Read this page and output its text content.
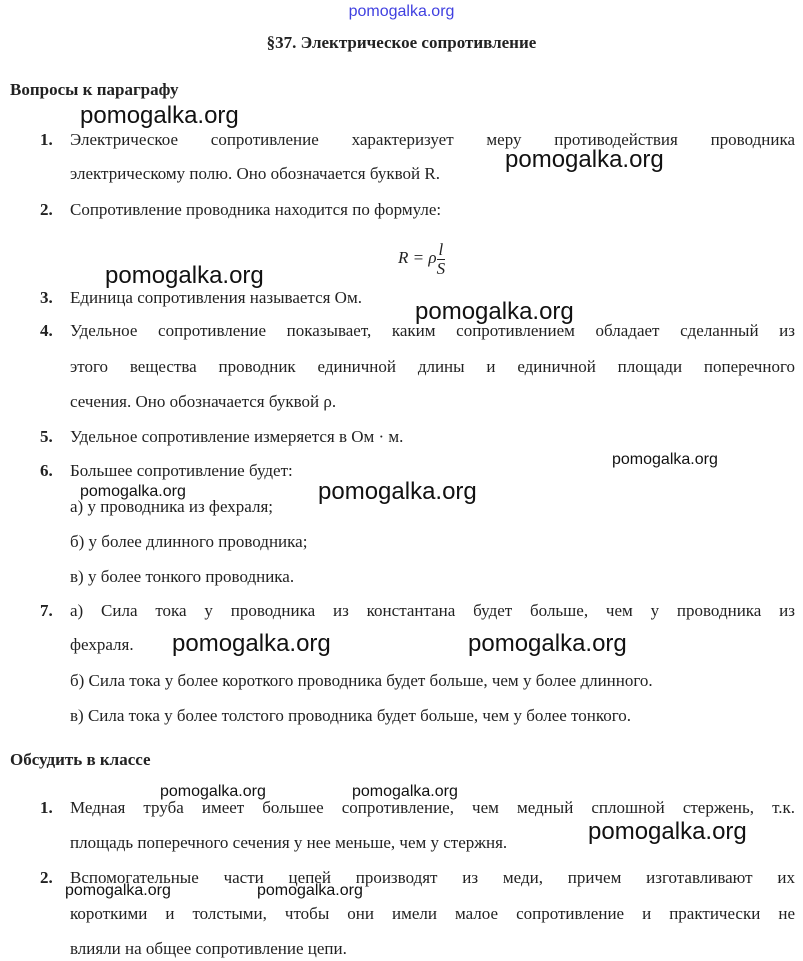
pomogalka.org
§37. Электрическое сопротивление
Вопросы к параграфу
1. Электрическое сопротивление характеризует меру противодействия проводника
электрическому полю. Оно обозначается буквой R.
2. Сопротивление проводника находится по формуле:
R = ρ $\frac{l}{S}$
3. Единица сопротивления называется Ом.
4. Удельное сопротивление показывает, каким сопротивлением обладает сделанный из
этого вещества проводник единичной длины и единичной площади поперечного
сечения. Оно обозначается буквой ρ.
5. Удельное сопротивление измеряется в Ом · м.
6. Большее сопротивление будет:
а) у проводника из фехраля;
б) у более длинного проводника;
в) у более тонкого проводника.
7. а) Сила тока у проводника из константана будет больше, чем у проводника из
фехраля.
б) Сила тока у более короткого проводника будет больше, чем у более длинного.
в) Сила тока у более толстого проводника будет больше, чем у более тонкого.
Обсудить в классе
1. Медная труба имеет большее сопротивление, чем медный сплошной стержень, т.к.
площадь поперечного сечения у нее меньше, чем у стержня.
2. Вспомогательные части цепей производят из меди, причем изготавливают их
короткими и толстыми, чтобы они имели малое сопротивление и практически не
влияли на общее сопротивление цепи.
pomogalka.org
pomogalka.org
pomogalka.org
pomogalka.org
pomogalka.org
pomogalka.org	pomogalka.org
pomogalka.org	pomogalka.org
pomogalka.org	pomogalka.org
pomogalka.org
pomogalka.org	pomogalka.org
